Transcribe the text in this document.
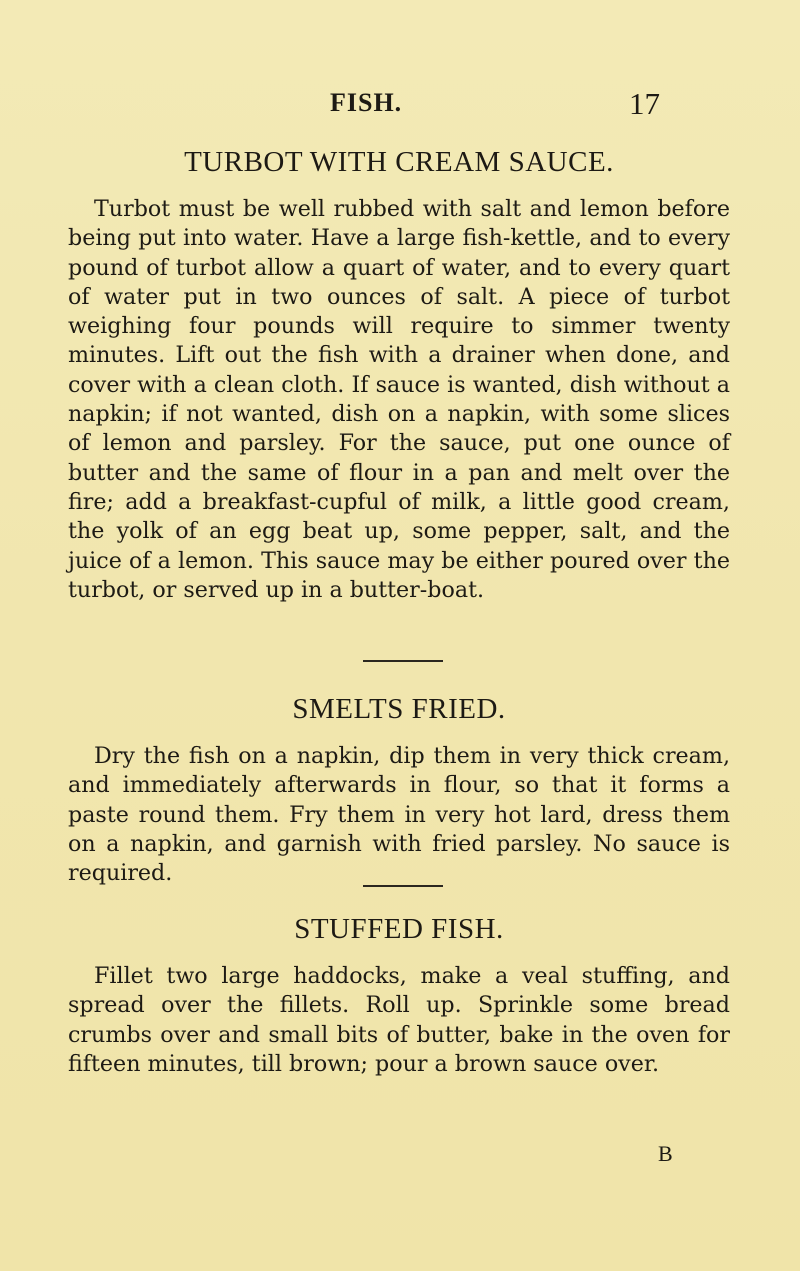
FISH.	17
TURBOT WITH CREAM SAUCE.

Turbot must be well rubbed with salt and lemon before being put into water. Have a large fish-kettle, and to every pound of turbot allow a quart of water, and to every quart of water put in two ounces of salt. A piece of turbot weighing four pounds will require to simmer twenty minutes. Lift out the fish with a drainer when done, and cover with a clean cloth. If sauce is wanted, dish without a napkin; if not wanted, dish on a napkin, with some slices of lemon and parsley. For the sauce, put one ounce of butter and the same of flour in a pan and melt over the fire; add a breakfast-cupful of milk, a little good cream, the yolk of an egg beat up, some pepper, salt, and the juice of a lemon. This sauce may be either poured over the turbot, or served up in a butter-boat.

SMELTS FRIED.

Dry the fish on a napkin, dip them in very thick cream, and immediately afterwards in flour, so that it forms a paste round them. Fry them in very hot lard, dress them on a napkin, and garnish with fried parsley. No sauce is required.

STUFFED FISH.

Fillet two large haddocks, make a veal stuffing, and spread over the fillets. Roll up. Sprinkle some bread crumbs over and small bits of butter, bake in the oven for fifteen minutes, till brown; pour a brown sauce over.

B
